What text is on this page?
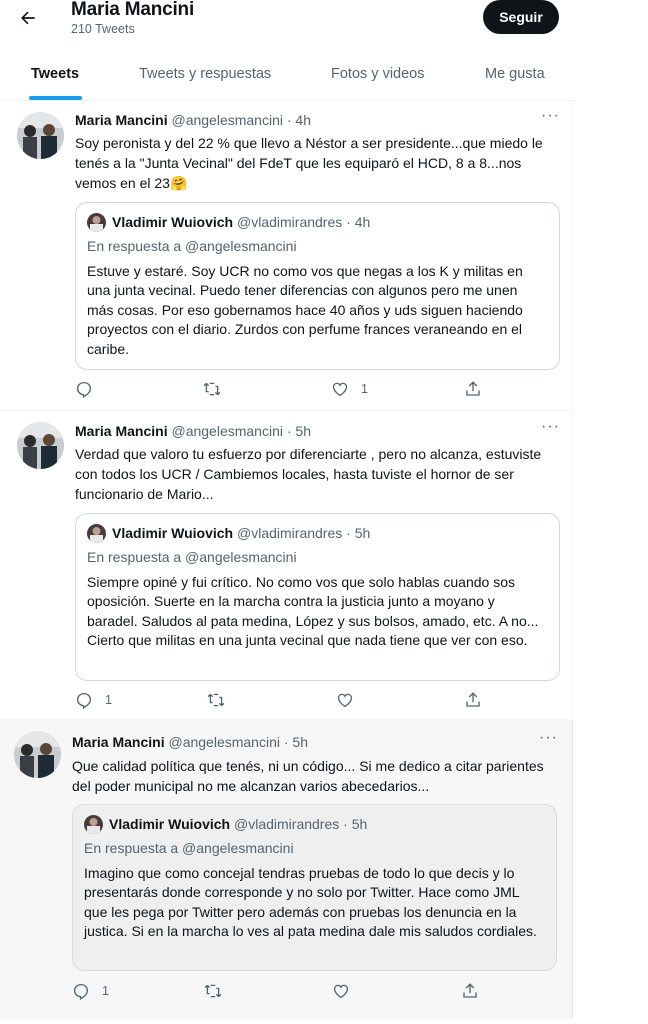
Maria Mancini
210 Tweets
Seguir
Tweets	Tweets y respuestas	Fotos y videos	Me gusta
Maria Mancini @angelesmancini · 4h	···
Soy peronista y del 22 % que llevo a Néstor a ser presidente...que miedo le tenés a la "Junta Vecinal" del FdeT que les equiparó el HCD, 8 a 8...nos vemos en el 23🤗
Vladimir Wuiovich @vladimirandres · 4h
En respuesta a @angelesmancini
Estuve y estaré. Soy UCR no como vos que negas a los K y militas en una junta vecinal. Puedo tener diferencias con algunos pero me unen más cosas. Por eso gobernamos hace 40 años y uds siguen haciendo proyectos con el diario. Zurdos con perfume frances veraneando en el caribe.
1
Maria Mancini @angelesmancini · 5h	···
Verdad que valoro tu esfuerzo por diferenciarte , pero no alcanza, estuviste con todos los UCR / Cambiemos locales, hasta tuviste el hornor de ser funcionario de Mario...
Vladimir Wuiovich @vladimirandres · 5h
En respuesta a @angelesmancini
Siempre opiné y fui crítico. No como vos que solo hablas cuando sos oposición. Suerte en la marcha contra la justicia junto a moyano y baradel. Saludos al pata medina, López y sus bolsos, amado, etc. A no... Cierto que militas en una junta vecinal que nada tiene que ver con eso.
1
Maria Mancini @angelesmancini · 5h	···
Que calidad política que tenés, ni un código... Si me dedico a citar parientes del poder municipal no me alcanzan varios abecedarios...
Vladimir Wuiovich @vladimirandres · 5h
En respuesta a @angelesmancini
Imagino que como concejal tendras pruebas de todo lo que decis y lo presentarás donde corresponde y no solo por Twitter. Hace como JML que les pega por Twitter pero además con pruebas los denuncia en la justica. Si en la marcha lo ves al pata medina dale mis saludos cordiales.
1
